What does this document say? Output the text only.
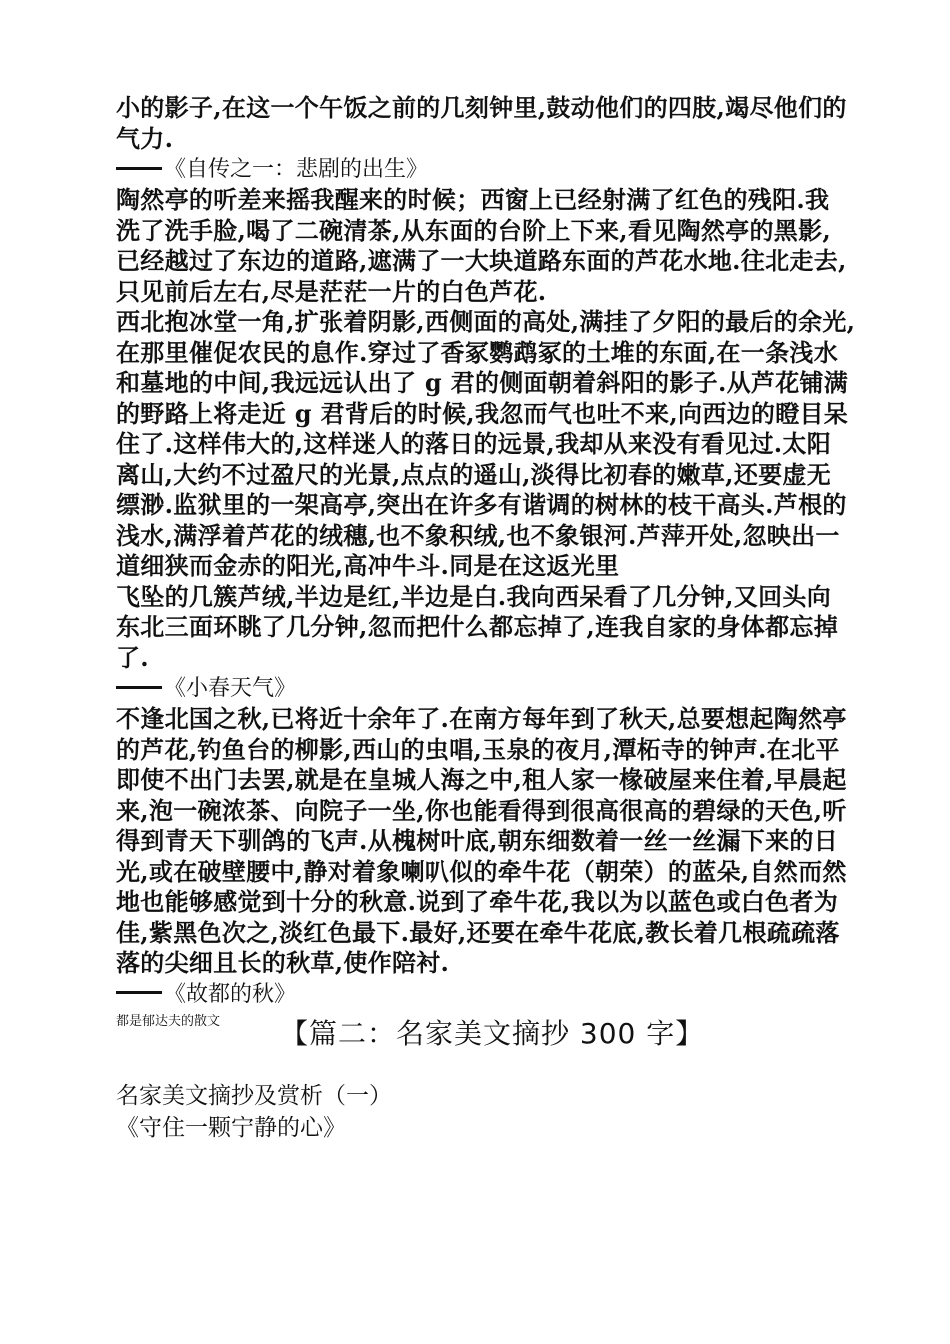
小的影子,在这一个午饭之前的几刻钟里,鼓动他们的四肢,竭尽他们的
气力.
《自传之一：悲剧的出生》
陶然亭的听差来摇我醒来的时候；西窗上已经射满了红色的残阳.我
洗了洗手脸,喝了二碗清茶,从东面的台阶上下来,看见陶然亭的黑影,
已经越过了东边的道路,遮满了一大块道路东面的芦花水地.往北走去,
只见前后左右,尽是茫茫一片的白色芦花.
西北抱冰堂一角,扩张着阴影,西侧面的高处,满挂了夕阳的最后的余光,
在那里催促农民的息作.穿过了香冢鹦鹉冢的土堆的东面,在一条浅水
和墓地的中间,我远远认出了 g 君的侧面朝着斜阳的影子.从芦花铺满
的野路上将走近 g 君背后的时候,我忽而气也吐不来,向西边的瞪目呆
住了.这样伟大的,这样迷人的落日的远景,我却从来没有看见过.太阳
离山,大约不过盈尺的光景,点点的遥山,淡得比初春的嫩草,还要虚无
缥渺.监狱里的一架高亭,突出在许多有谐调的树林的枝干高头.芦根的
浅水,满浮着芦花的绒穗,也不象积绒,也不象银河.芦萍开处,忽映出一
道细狭而金赤的阳光,高冲牛斗.同是在这返光里
飞坠的几簇芦绒,半边是红,半边是白.我向西呆看了几分钟,又回头向
东北三面环眺了几分钟,忽而把什么都忘掉了,连我自家的身体都忘掉
了.
《小春天气》
不逢北国之秋,已将近十余年了.在南方每年到了秋天,总要想起陶然亭
的芦花,钓鱼台的柳影,西山的虫唱,玉泉的夜月,潭柘寺的钟声.在北平
即使不出门去罢,就是在皇城人海之中,租人家一椽破屋来住着,早晨起
来,泡一碗浓茶、向院子一坐,你也能看得到很高很高的碧绿的天色,听
得到青天下驯鸽的飞声.从槐树叶底,朝东细数着一丝一丝漏下来的日
光,或在破壁腰中,静对着象喇叭似的牵牛花（朝荣）的蓝朵,自然而然
地也能够感觉到十分的秋意.说到了牵牛花,我以为以蓝色或白色者为
佳,紫黑色次之,淡红色最下.最好,还要在牵牛花底,教长着几根疏疏落
落的尖细且长的秋草,使作陪衬.
《故都的秋》
都是郁达夫的散文 【篇二：名家美文摘抄 300 字】
名家美文摘抄及赏析（一）
《守住一颗宁静的心》
